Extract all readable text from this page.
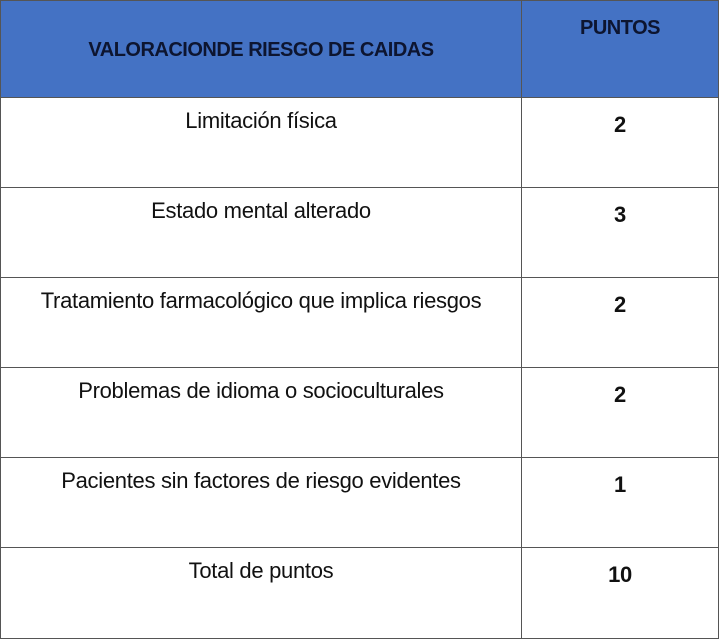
VALORACIONDE RIESGO DE CAIDAS	PUNTOS
Limitación física	2
Estado mental alterado	3
Tratamiento farmacológico que implica riesgos	2
Problemas de idioma o socioculturales	2
Pacientes sin factores de riesgo evidentes	1
Total de puntos	10
